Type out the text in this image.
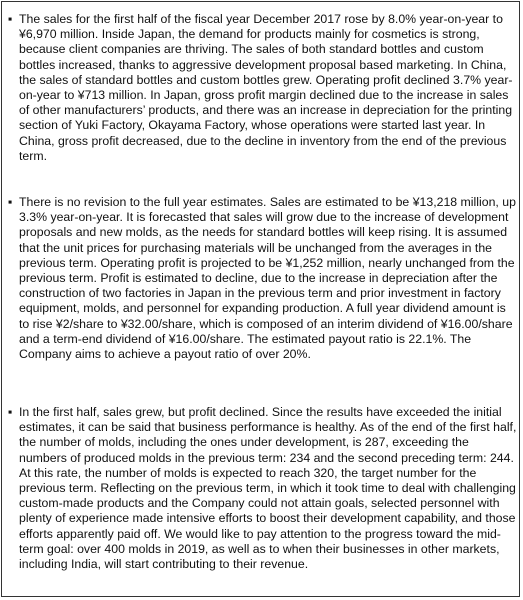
▪ The sales for the first half of the fiscal year December 2017 rose by 8.0% year-on-year to ¥6,970 million. Inside Japan, the demand for products mainly for cosmetics is strong, because client companies are thriving. The sales of both standard bottles and custom bottles increased, thanks to aggressive development proposal based marketing. In China, the sales of standard bottles and custom bottles grew. Operating profit declined 3.7% year-on-year to ¥713 million. In Japan, gross profit margin declined due to the increase in sales of other manufacturers’ products, and there was an increase in depreciation for the printing section of Yuki Factory, Okayama Factory, whose operations were started last year. In China, gross profit decreased, due to the decline in inventory from the end of the previous term.
▪ There is no revision to the full year estimates. Sales are estimated to be ¥13,218 million, up 3.3% year-on-year. It is forecasted that sales will grow due to the increase of development proposals and new molds, as the needs for standard bottles will keep rising. It is assumed that the unit prices for purchasing materials will be unchanged from the averages in the previous term. Operating profit is projected to be ¥1,252 million, nearly unchanged from the previous term. Profit is estimated to decline, due to the increase in depreciation after the construction of two factories in Japan in the previous term and prior investment in factory equipment, molds, and personnel for expanding production. A full year dividend amount is to rise ¥2/share to ¥32.00/share, which is composed of an interim dividend of ¥16.00/share and a term-end dividend of ¥16.00/share. The estimated payout ratio is 22.1%. The Company aims to achieve a payout ratio of over 20%.
▪ In the first half, sales grew, but profit declined. Since the results have exceeded the initial estimates, it can be said that business performance is healthy. As of the end of the first half, the number of molds, including the ones under development, is 287, exceeding the numbers of produced molds in the previous term: 234 and the second preceding term: 244. At this rate, the number of molds is expected to reach 320, the target number for the previous term. Reflecting on the previous term, in which it took time to deal with challenging custom-made products and the Company could not attain goals, selected personnel with plenty of experience made intensive efforts to boost their development capability, and those efforts apparently paid off. We would like to pay attention to the progress toward the mid-term goal: over 400 molds in 2019, as well as to when their businesses in other markets, including India, will start contributing to their revenue.
